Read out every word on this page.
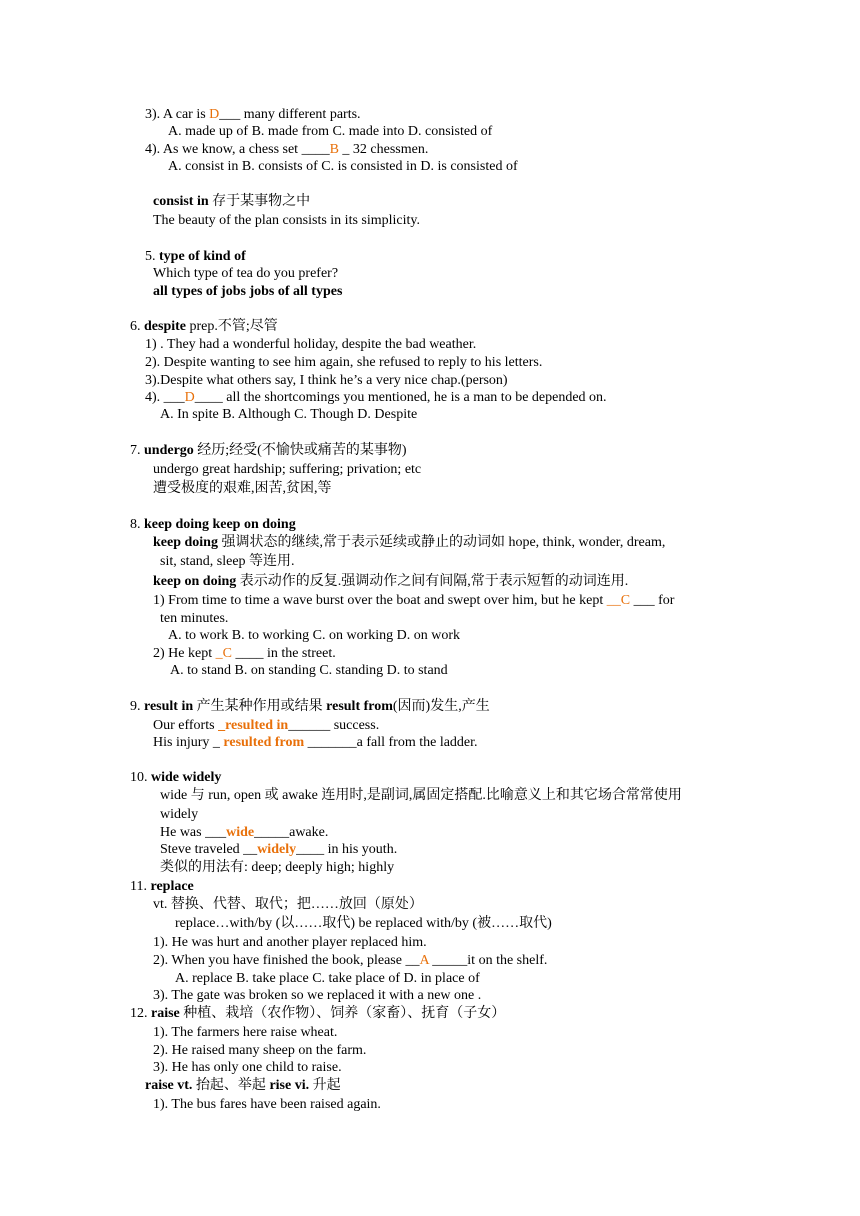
3). A car is D___ many different parts.
A. made up of B. made from C. made into D. consisted of
4). As we know, a chess set ____B _ 32 chessmen.
A. consist in B. consists of C. is consisted in D. is consisted of
consist in 存于某事物之中
The beauty of the plan consists in its simplicity.
5. type of kind of
Which type of tea do you prefer?
all types of jobs jobs of all types
6. despite prep.不管;尽管
1) . They had a wonderful holiday, despite the bad weather.
2). Despite wanting to see him again, she refused to reply to his letters.
3).Despite what others say, I think he’s a very nice chap.(person)
4). ___D____ all the shortcomings you mentioned, he is a man to be depended on.
A. In spite B. Although C. Though D. Despite
7. undergo 经历;经受(不愉快或痛苦的某事物)
undergo great hardship; suffering; privation; etc
遭受极度的艰难,困苦,贫困,等
8. keep doing keep on doing
keep doing 强调状态的继续,常于表示延续或静止的动词如 hope, think, wonder, dream,
sit, stand, sleep 等连用.
keep on doing 表示动作的反复.强调动作之间有间隔,常于表示短暂的动词连用.
1) From time to time a wave burst over the boat and swept over him, but he kept __C ___ for
ten minutes.
A. to work B. to working C. on working D. on work
2) He kept _C ____ in the street.
A. to stand B. on standing C. standing D. to stand
9. result in 产生某种作用或结果 result from(因而)发生,产生
Our efforts _resulted in______ success.
His injury _ resulted from _______a fall from the ladder.
10. wide widely
wide 与 run, open 或 awake 连用时,是副词,属固定搭配.比喻意义上和其它场合常常使用
widely
He was ___wide_____awake.
Steve traveled __widely____ in his youth.
类似的用法有: deep; deeply high; highly
11. replace
vt. 替换、代替、取代；把……放回（原处）
replace…with/by (以……取代) be replaced with/by (被……取代)
1). He was hurt and another player replaced him.
2). When you have finished the book, please __A _____it on the shelf.
A. replace B. take place C. take place of D. in place of
3). The gate was broken so we replaced it with a new one .
12. raise 种植、栽培（农作物）、饲养（家畜）、抚育（子女）
1). The farmers here raise wheat.
2). He raised many sheep on the farm.
3). He has only one child to raise.
raise vt. 抬起、举起 rise vi. 升起
1). The bus fares have been raised again.
